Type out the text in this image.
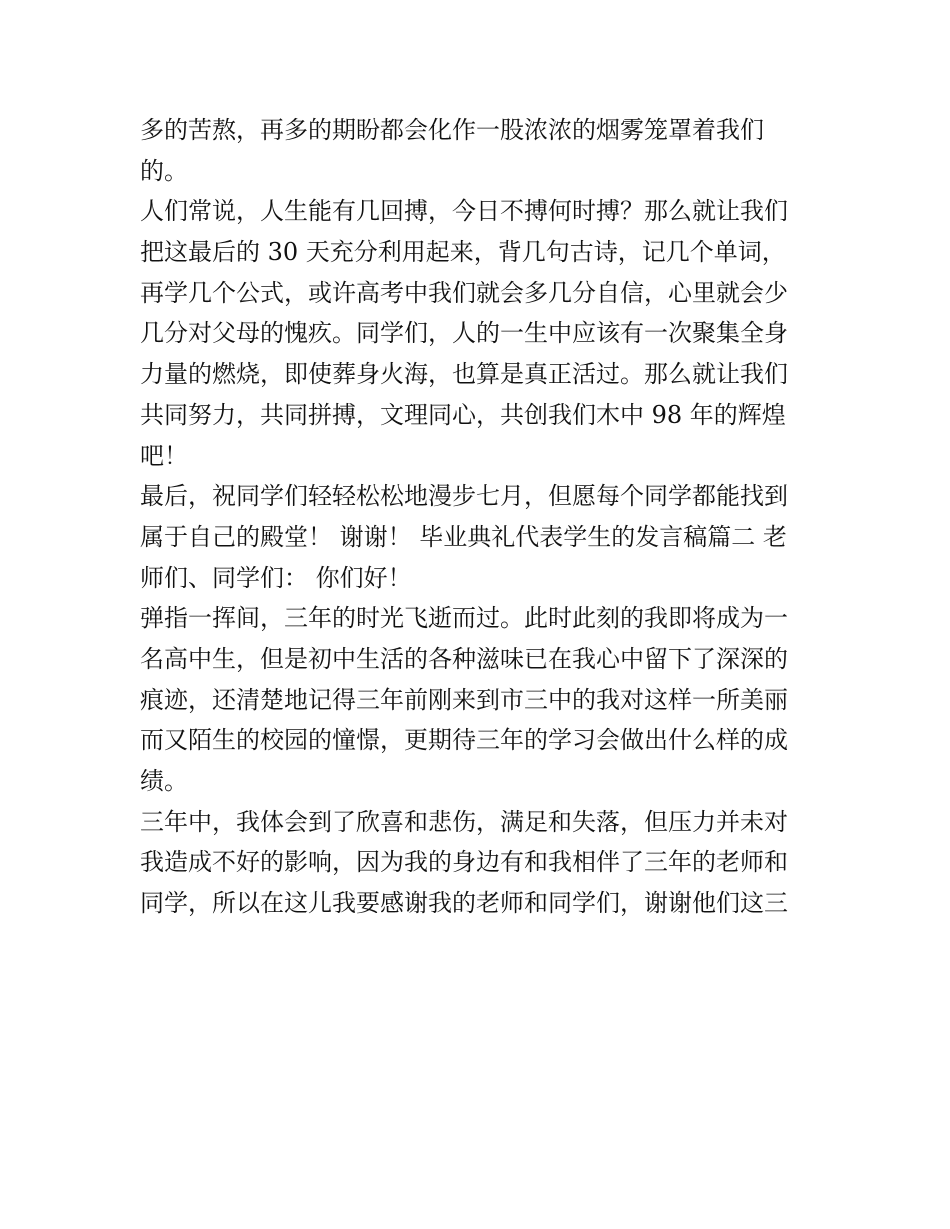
多的苦熬，再多的期盼都会化作一股浓浓的烟雾笼罩着我们
的。

人们常说，人生能有几回搏，今日不搏何时搏？那么就让我们
把这最后的 30 天充分利用起来，背几句古诗，记几个单词，
再学几个公式，或许高考中我们就会多几分自信，心里就会少
几分对父母的愧疚。同学们，人的一生中应该有一次聚集全身
力量的燃烧，即使葬身火海，也算是真正活过。那么就让我们
共同努力，共同拼搏，文理同心，共创我们木中 98 年的辉煌
吧！

最后，祝同学们轻轻松松地漫步七月，但愿每个同学都能找到
属于自己的殿堂！ 谢谢！ 毕业典礼代表学生的发言稿篇二 老
师们、同学们： 你们好！

弹指一挥间，三年的时光飞逝而过。此时此刻的我即将成为一
名高中生，但是初中生活的各种滋味已在我心中留下了深深的
痕迹，还清楚地记得三年前刚来到市三中的我对这样一所美丽
而又陌生的校园的憧憬，更期待三年的学习会做出什么样的成
绩。

三年中，我体会到了欣喜和悲伤，满足和失落，但压力并未对
我造成不好的影响，因为我的身边有和我相伴了三年的老师和
同学，所以在这儿我要感谢我的老师和同学们，谢谢他们这三
